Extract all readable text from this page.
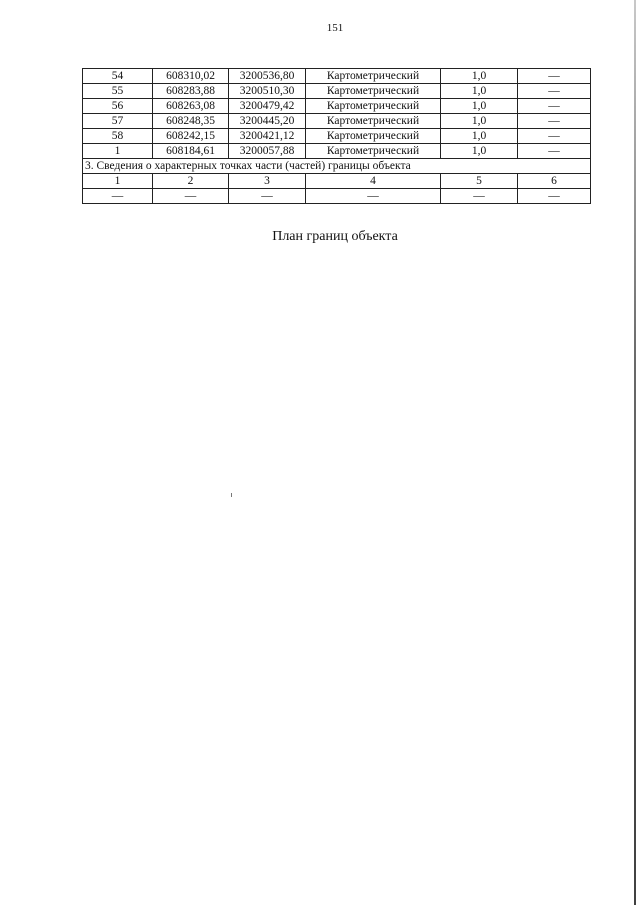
151
54	608310,02	3200536,80	Картометрический	1,0	—
55	608283,88	3200510,30	Картометрический	1,0	—
56	608263,08	3200479,42	Картометрический	1,0	—
57	608248,35	3200445,20	Картометрический	1,0	—
58	608242,15	3200421,12	Картометрический	1,0	—
1	608184,61	3200057,88	Картометрический	1,0	—
3. Сведения о характерных точках части (частей) границы объекта					
1	2	3	4	5	6
—	—	—	—	—	—
План границ объекта
